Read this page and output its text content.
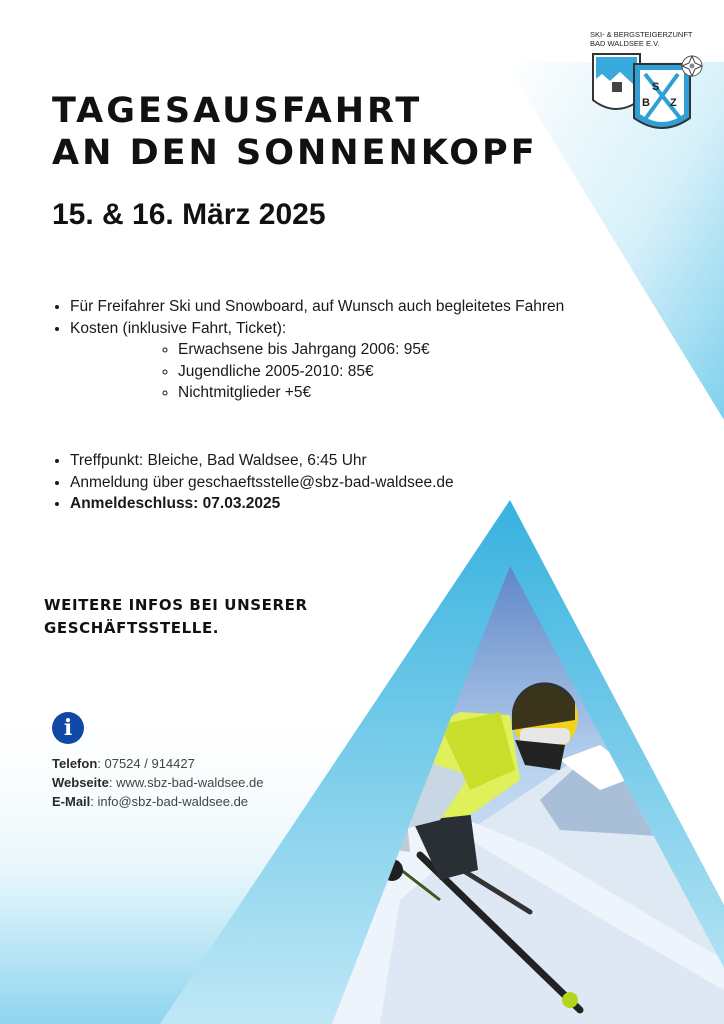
SKI- & BERGSTEIGERZUNFT

BAD WALDSEE E.V.

S
B Z
TAGESAUSFAHRT
AN DEN SONNENKOPF
15. & 16. März 2025
• Für Freifahrer Ski und Snowboard, auf Wunsch auch begleitetes Fahren
• Kosten (inklusive Fahrt, Ticket):
◦ Erwachsene bis Jahrgang 2006: 95€
◦ Jugendliche 2005-2010: 85€
◦ Nichtmitglieder +5€
• Treffpunkt: Bleiche, Bad Waldsee, 6:45 Uhr
• Anmeldung über geschaeftsstelle@sbz-bad-waldsee.de
• Anmeldeschluss: 07.03.2025

WEITERE INFOS BEI UNSERER
GESCHÄFTSSTELLE.

i
Telefon: 07524 / 914427
Webseite: www.sbz-bad-waldsee.de
E-Mail: info@sbz-bad-waldsee.de
